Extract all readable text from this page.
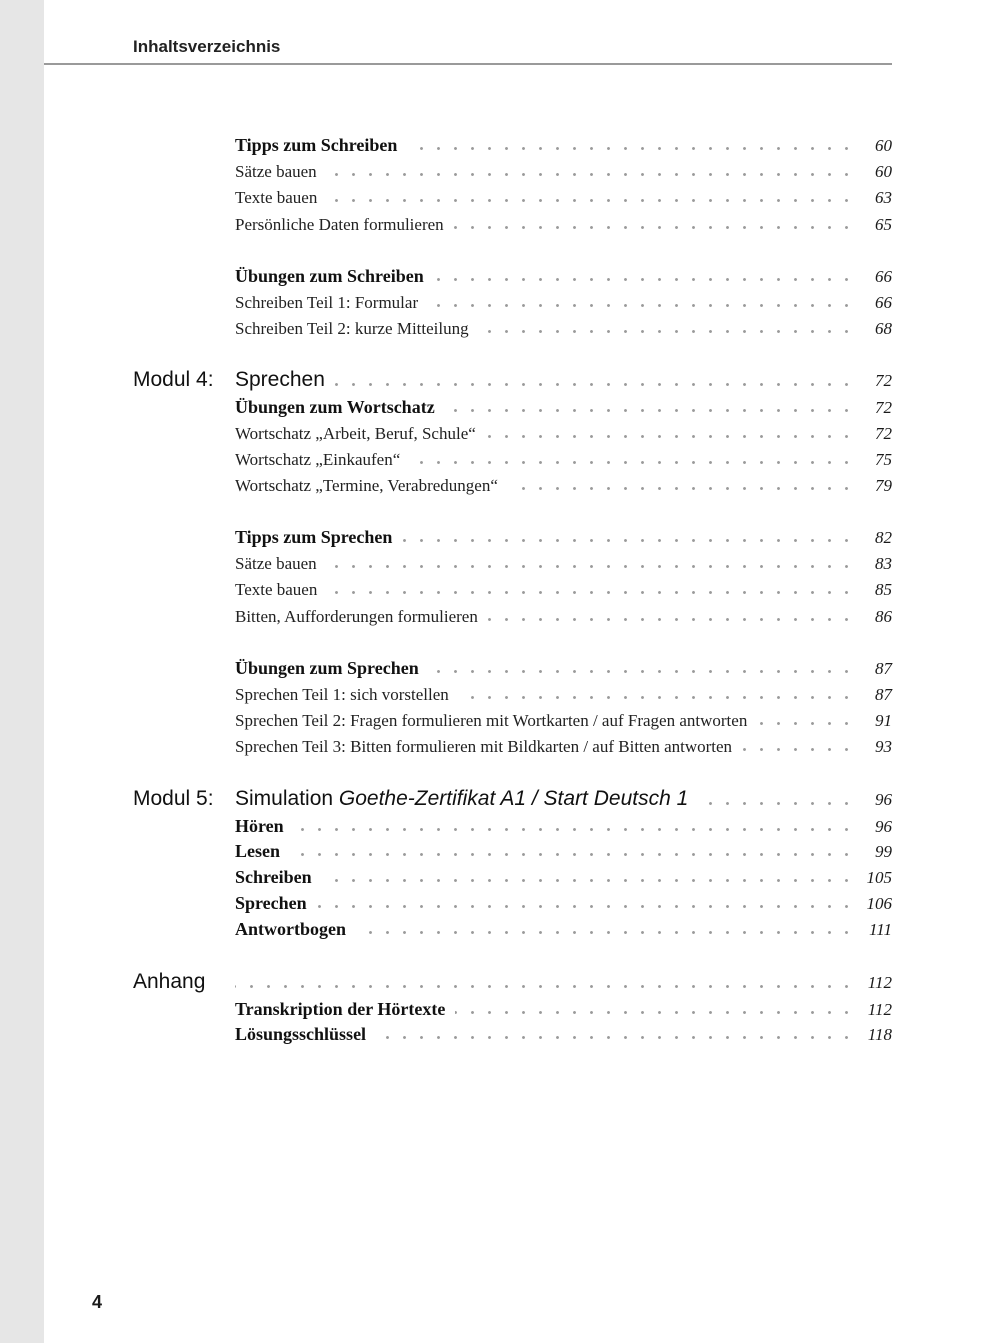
Inhaltsverzeichnis
Tipps zum Schreiben	60
Sätze bauen	60
Texte bauen	63
Persönliche Daten formulieren	65
Übungen zum Schreiben	66
Schreiben Teil 1: Formular	66
Schreiben Teil 2: kurze Mitteilung	68
Modul 4: Sprechen	72
Übungen zum Wortschatz	72
Wortschatz „Arbeit, Beruf, Schule“	72
Wortschatz „Einkaufen“	75
Wortschatz „Termine, Verabredungen“	79
Tipps zum Sprechen	82
Sätze bauen	83
Texte bauen	85
Bitten, Aufforderungen formulieren	86
Übungen zum Sprechen	87
Sprechen Teil 1: sich vorstellen	87
Sprechen Teil 2: Fragen formulieren mit Wortkarten / auf Fragen antworten	91
Sprechen Teil 3: Bitten formulieren mit Bildkarten / auf Bitten antworten	93
Modul 5: Simulation Goethe-Zertifikat A1 / Start Deutsch 1	96
Hören	96
Lesen	99
Schreiben	105
Sprechen	106
Antwortbogen	111
Anhang	112
Transkription der Hörtexte	112
Lösungsschlüssel	118
4
